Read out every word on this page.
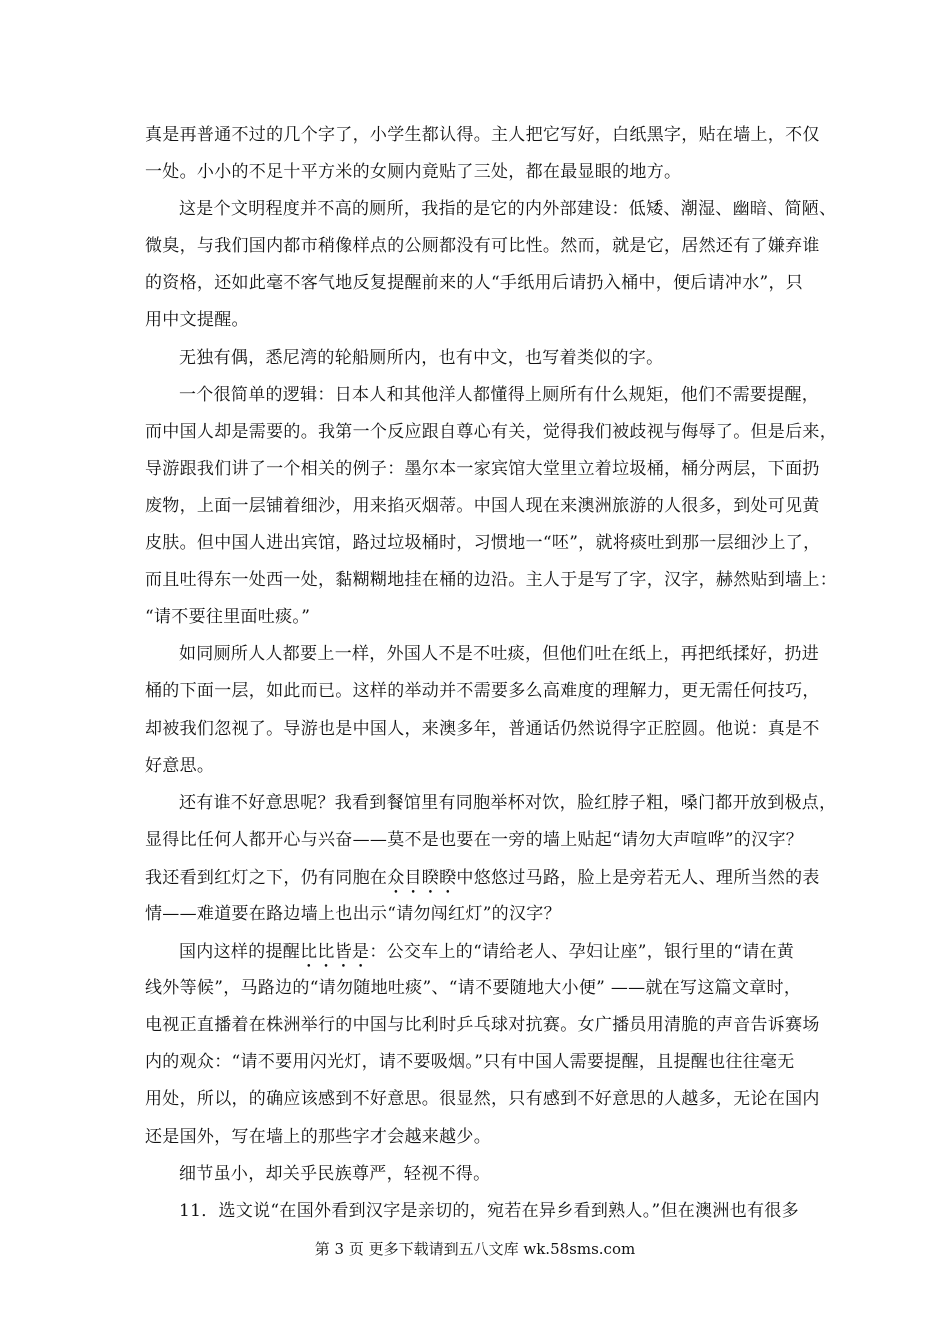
真是再普通不过的几个字了，小学生都认得。主人把它写好，白纸黑字，贴在墙上，不仅
一处。小小的不足十平方米的女厕内竟贴了三处，都在最显眼的地方。
这是个文明程度并不高的厕所，我指的是它的内外部建设：低矮、潮湿、幽暗、简陋、
微臭，与我们国内都市稍像样点的公厕都没有可比性。然而，就是它，居然还有了嫌弃谁
的资格，还如此毫不客气地反复提醒前来的人“手纸用后请扔入桶中，便后请冲水”，只
用中文提醒。
无独有偶，悉尼湾的轮船厕所内，也有中文，也写着类似的字。
一个很简单的逻辑：日本人和其他洋人都懂得上厕所有什么规矩，他们不需要提醒，
而中国人却是需要的。我第一个反应跟自尊心有关，觉得我们被歧视与侮辱了。但是后来，
导游跟我们讲了一个相关的例子：墨尔本一家宾馆大堂里立着垃圾桶，桶分两层，下面扔
废物，上面一层铺着细沙，用来掐灭烟蒂。中国人现在来澳洲旅游的人很多，到处可见黄
皮肤。但中国人进出宾馆，路过垃圾桶时，习惯地一“呸”，就将痰吐到那一层细沙上了，
而且吐得东一处西一处，黏糊糊地挂在桶的边沿。主人于是写了字，汉字，赫然贴到墙上：
“请不要往里面吐痰。”
如同厕所人人都要上一样，外国人不是不吐痰，但他们吐在纸上，再把纸揉好，扔进
桶的下面一层，如此而已。这样的举动并不需要多么高难度的理解力，更无需任何技巧，
却被我们忽视了。导游也是中国人，来澳多年，普通话仍然说得字正腔圆。他说：真是不
好意思。
还有谁不好意思呢？我看到餐馆里有同胞举杯对饮，脸红脖子粗，嗓门都开放到极点，
显得比任何人都开心与兴奋——莫不是也要在一旁的墙上贴起“请勿大声喧哗”的汉字？
我还看到红灯之下，仍有同胞在众目睽睽中悠悠过马路，脸上是旁若无人、理所当然的表
情——难道要在路边墙上也出示“请勿闯红灯”的汉字？
国内这样的提醒比比皆是：公交车上的“请给老人、孕妇让座”，银行里的“请在黄
线外等候”，马路边的“请勿随地吐痰”、“请不要随地大小便” ——就在写这篇文章时，
电视正直播着在株洲举行的中国与比利时乒乓球对抗赛。女广播员用清脆的声音告诉赛场
内的观众：“请不要用闪光灯，请不要吸烟。”只有中国人需要提醒，且提醒也往往毫无
用处，所以，的确应该感到不好意思。很显然，只有感到不好意思的人越多，无论在国内
还是国外，写在墙上的那些字才会越来越少。
细节虽小，却关乎民族尊严，轻视不得。
11．选文说“在国外看到汉字是亲切的，宛若在异乡看到熟人。”但在澳洲也有很多
第 3 页 更多下载请到五八文库 wk.58sms.com
